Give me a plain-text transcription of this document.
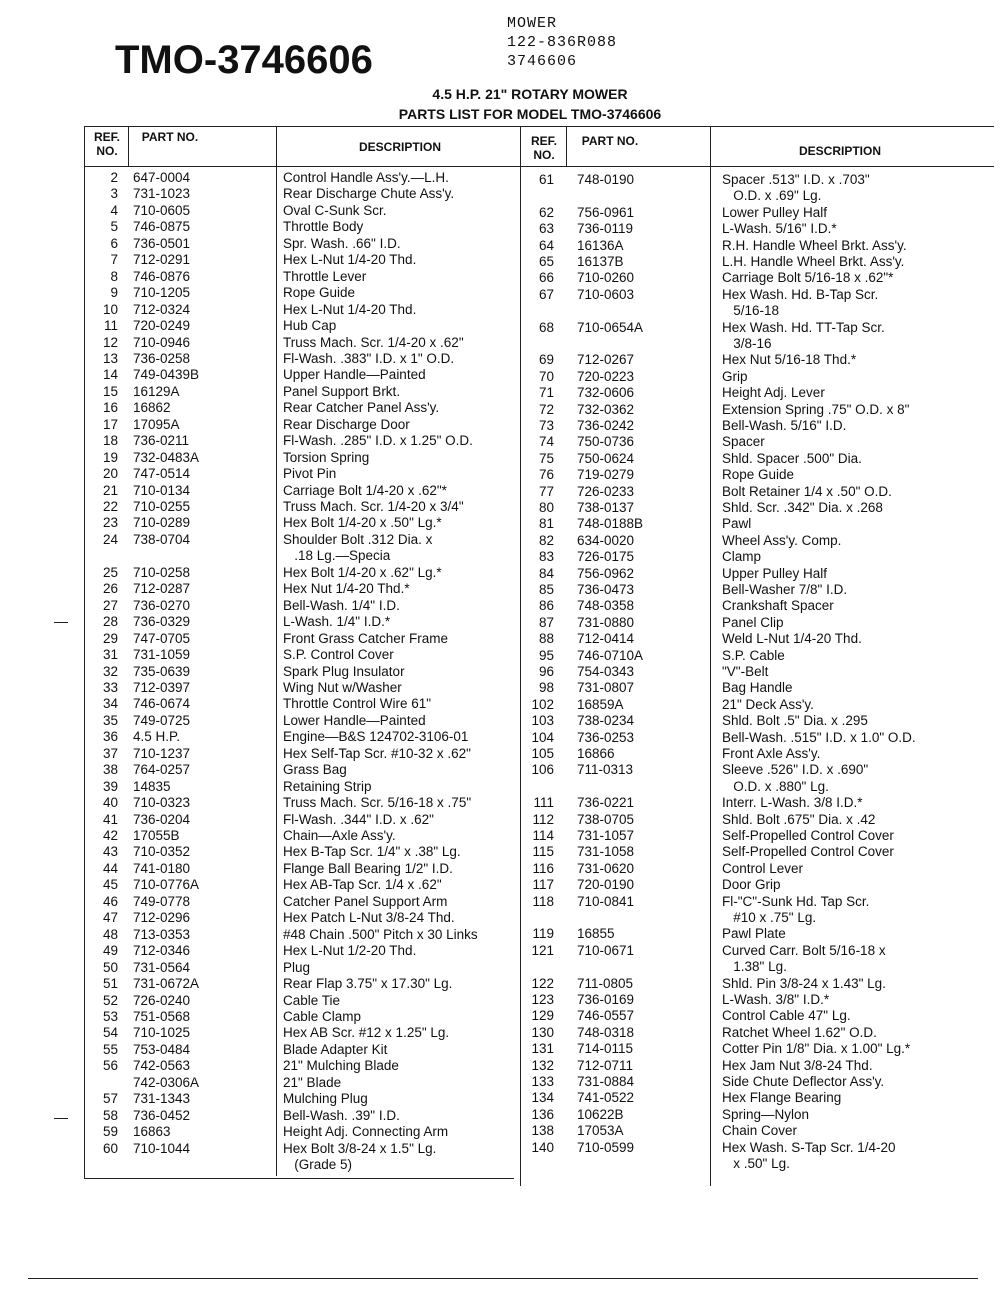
TMO-3746606
MOWER
122-836R088
3746606
4.5 H.P. 21" ROTARY MOWER
PARTS LIST FOR MODEL TMO-3746606
REF. NO.
PART NO.
DESCRIPTION	REF. NO.
PART NO.
DESCRIPTION
2 647-0004	Control Handle Ass'y.—L.H.
3 731-1023	Rear Discharge Chute Ass'y.
4 710-0605	Oval C-Sunk Scr.
5 746-0875	Throttle Body
6 736-0501	Spr. Wash. .66" I.D.
7 712-0291	Hex L-Nut 1/4-20 Thd.
8 746-0876	Throttle Lever
9 710-1205	Rope Guide
10 712-0324	Hex L-Nut 1/4-20 Thd.
11 720-0249	Hub Cap
12 710-0946	Truss Mach. Scr. 1/4-20 x .62"
13 736-0258	Fl-Wash. .383" I.D. x 1" O.D.
14 749-0439B	Upper Handle—Painted
15 16129A	Panel Support Brkt.
16 16862	Rear Catcher Panel Ass'y.
17 17095A	Rear Discharge Door
18 736-0211	Fl-Wash. .285" I.D. x 1.25" O.D.
19 732-0483A	Torsion Spring
20 747-0514	Pivot Pin
21 710-0134	Carriage Bolt 1/4-20 x .62"*
22 710-0255	Truss Mach. Scr. 1/4-20 x 3/4"
23 710-0289	Hex Bolt 1/4-20 x .50" Lg.*
24 738-0704	Shoulder Bolt .312 Dia. x
.18 Lg.—Specia
25 710-0258	Hex Bolt 1/4-20 x .62" Lg.*
26 712-0287	Hex Nut 1/4-20 Thd.*
27 736-0270	Bell-Wash. 1/4" I.D.
28 736-0329	L-Wash. 1/4" I.D.*
29 747-0705	Front Grass Catcher Frame
31 731-1059	S.P. Control Cover
32 735-0639	Spark Plug Insulator
33 712-0397	Wing Nut w/Washer
34 746-0674	Throttle Control Wire 61"
35 749-0725	Lower Handle—Painted
36 4.5 H.P.	Engine—B&S 124702-3106-01
37 710-1237	Hex Self-Tap Scr. #10-32 x .62"
38 764-0257	Grass Bag
39 14835	Retaining Strip
40 710-0323	Truss Mach. Scr. 5/16-18 x .75"
41 736-0204	Fl-Wash. .344" I.D. x .62"
42 17055B	Chain—Axle Ass'y.
43 710-0352	Hex B-Tap Scr. 1/4" x .38" Lg.
44 741-0180	Flange Ball Bearing 1/2" I.D.
45 710-0776A	Hex AB-Tap Scr. 1/4 x .62"
46 749-0778	Catcher Panel Support Arm
47 712-0296	Hex Patch L-Nut 3/8-24 Thd.
48 713-0353	#48 Chain .500" Pitch x 30 Links
49 712-0346	Hex L-Nut 1/2-20 Thd.
50 731-0564	Plug
51 731-0672A	Rear Flap 3.75" x 17.30" Lg.
52 726-0240	Cable Tie
53 751-0568	Cable Clamp
54 710-1025	Hex AB Scr. #12 x 1.25" Lg.
55 753-0484	Blade Adapter Kit
56 742-0563	21" Mulching Blade
742-0306A	21" Blade
57 731-1343	Mulching Plug
58 736-0452	Bell-Wash. .39" I.D.
59 16863	Height Adj. Connecting Arm
60 710-1044	Hex Bolt 3/8-24 x 1.5" Lg.
(Grade 5)
61 748-0190	Spacer .513" I.D. x .703"
O.D. x .69" Lg.
62 756-0961	Lower Pulley Half
63 736-0119	L-Wash. 5/16" I.D.*
64 16136A	R.H. Handle Wheel Brkt. Ass'y.
65 16137B	L.H. Handle Wheel Brkt. Ass'y.
66 710-0260	Carriage Bolt 5/16-18 x .62"*
67 710-0603	Hex Wash. Hd. B-Tap Scr.
5/16-18
68 710-0654A	Hex Wash. Hd. TT-Tap Scr.
3/8-16
69 712-0267	Hex Nut 5/16-18 Thd.*
70 720-0223	Grip
71 732-0606	Height Adj. Lever
72 732-0362	Extension Spring .75" O.D. x 8"
73 736-0242	Bell-Wash. 5/16" I.D.
74 750-0736	Spacer
75 750-0624	Shld. Spacer .500" Dia.
76 719-0279	Rope Guide
77 726-0233	Bolt Retainer 1/4 x .50" O.D.
80 738-0137	Shld. Scr. .342" Dia. x .268
81 748-0188B	Pawl
82 634-0020	Wheel Ass'y. Comp.
83 726-0175	Clamp
84 756-0962	Upper Pulley Half
85 736-0473	Bell-Washer 7/8" I.D.
86 748-0358	Crankshaft Spacer
87 731-0880	Panel Clip
88 712-0414	Weld L-Nut 1/4-20 Thd.
95 746-0710A	S.P. Cable
96 754-0343	"V"-Belt
98 731-0807	Bag Handle
102 16859A	21" Deck Ass'y.
103 738-0234	Shld. Bolt .5" Dia. x .295
104 736-0253	Bell-Wash. .515" I.D. x 1.0" O.D.
105 16866	Front Axle Ass'y.
106 711-0313	Sleeve .526" I.D. x .690"
O.D. x .880" Lg.
111 736-0221	Interr. L-Wash. 3/8 I.D.*
112 738-0705	Shld. Bolt .675" Dia. x .42
114 731-1057	Self-Propelled Control Cover
115 731-1058	Self-Propelled Control Cover
116 731-0620	Control Lever
117 720-0190	Door Grip
118 710-0841	Fl-"C"-Sunk Hd. Tap Scr.
#10 x .75" Lg.
119 16855	Pawl Plate
121 710-0671	Curved Carr. Bolt 5/16-18 x
1.38" Lg.
122 711-0805	Shld. Pin 3/8-24 x 1.43" Lg.
123 736-0169	L-Wash. 3/8" I.D.*
129 746-0557	Control Cable 47" Lg.
130 748-0318	Ratchet Wheel 1.62" O.D.
131 714-0115	Cotter Pin 1/8" Dia. x 1.00" Lg.*
132 712-0711	Hex Jam Nut 3/8-24 Thd.
133 731-0884	Side Chute Deflector Ass'y.
134 741-0522	Hex Flange Bearing
136 10622B	Spring—Nylon
138 17053A	Chain Cover
140 710-0599	Hex Wash. S-Tap Scr. 1/4-20
x .50" Lg.
